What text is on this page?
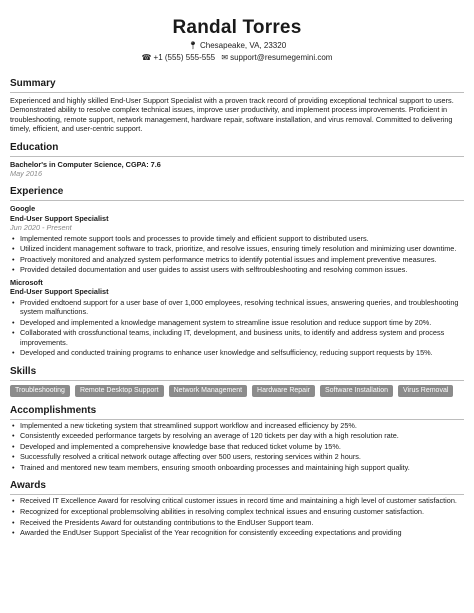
Randal Torres
📍︎ Chesapeake, VA, 23320
☎ +1 (555) 555-555 ✉ support@resumegemini.com
Summary
Experienced and highly skilled End-User Support Specialist with a proven track record of providing exceptional technical support to users. Demonstrated ability to resolve complex technical issues, improve user productivity, and implement process improvements. Proficient in troubleshooting, remote support, network management, hardware repair, software installation, and virus removal. Committed to delivering timely, efficient, and user-centric support.
Education
Bachelor's in Computer Science, CGPA: 7.6
May 2016
Experience
Google
End-User Support Specialist
Jun 2020 - Present
• Implemented remote support tools and processes to provide timely and efficient support to distributed users.
• Utilized incident management software to track, prioritize, and resolve issues, ensuring timely resolution and minimizing user downtime.
• Proactively monitored and analyzed system performance metrics to identify potential issues and implement preventive measures.
• Provided detailed documentation and user guides to assist users with selftroubleshooting and resolving common issues.
Microsoft
End-User Support Specialist
• Provided endtoend support for a user base of over 1,000 employees, resolving technical issues, answering queries, and troubleshooting system malfunctions.
• Developed and implemented a knowledge management system to streamline issue resolution and reduce support time by 20%.
• Collaborated with crossfunctional teams, including IT, development, and business units, to identify and address system and process improvements.
• Developed and conducted training programs to enhance user knowledge and selfsufficiency, reducing support requests by 15%.
Skills
Troubleshooting	Remote Desktop Support	Network Management	Hardware Repair	Software Installation	Virus Removal
Accomplishments
• Implemented a new ticketing system that streamlined support workflow and increased efficiency by 25%.
• Consistently exceeded performance targets by resolving an average of 120 tickets per day with a high resolution rate.
• Developed and implemented a comprehensive knowledge base that reduced ticket volume by 15%.
• Successfully resolved a critical network outage affecting over 500 users, restoring services within 2 hours.
• Trained and mentored new team members, ensuring smooth onboarding processes and maintaining high support quality.
Awards
• Received IT Excellence Award for resolving critical customer issues in record time and maintaining a high level of customer satisfaction.
• Recognized for exceptional problemsolving abilities in resolving complex technical issues and ensuring customer satisfaction.
• Received the Presidents Award for outstanding contributions to the EndUser Support team.
• Awarded the EndUser Support Specialist of the Year recognition for consistently exceeding expectations and providing
